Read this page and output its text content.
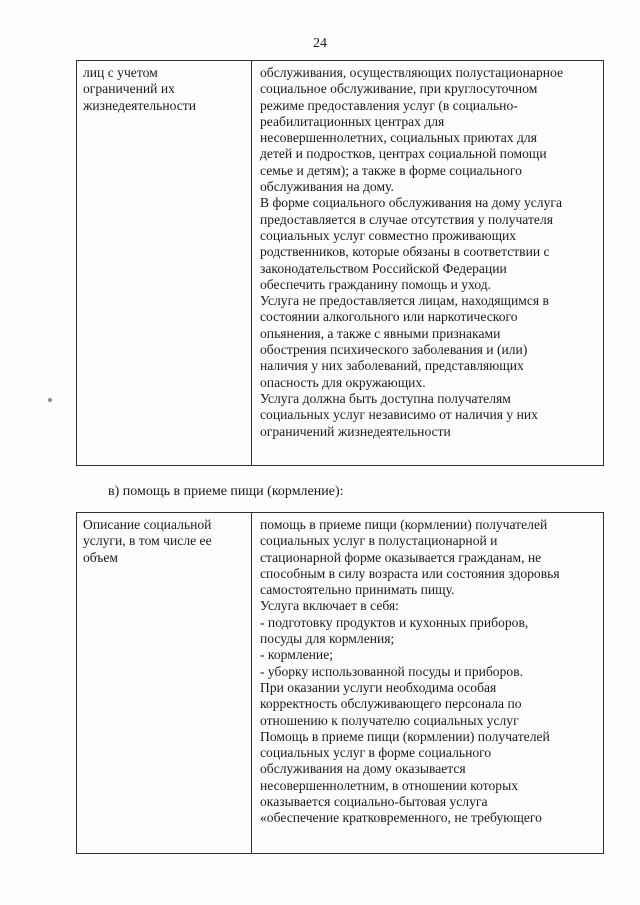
24
лиц с учетом
ограничений их
жизнедеятельности
обслуживания, осуществляющих полустационарное
социальное обслуживание, при круглосуточном
режиме предоставления услуг (в социально-
реабилитационных центрах для
несовершеннолетних, социальных приютах для
детей и подростков, центрах социальной помощи
семье и детям); а также в форме социального
обслуживания на дому.
В форме социального обслуживания на дому услуга
предоставляется в случае отсутствия у получателя
социальных услуг совместно проживающих
родственников, которые обязаны в соответствии с
законодательством Российской Федерации
обеспечить гражданину помощь и уход.
Услуга не предоставляется лицам, находящимся в
состоянии алкогольного или наркотического
опьянения, а также с явными признаками
обострения психического заболевания и (или)
наличия у них заболеваний, представляющих
опасность для окружающих.
Услуга должна быть доступна получателям
социальных услуг независимо от наличия у них
ограничений жизнедеятельности
в) помощь в приеме пищи (кормление):
Описание социальной
услуги, в том числе ее
объем
помощь в приеме пищи (кормлении) получателей
социальных услуг в полустационарной и
стационарной форме оказывается гражданам, не
способным в силу возраста или состояния здоровья
самостоятельно принимать пищу.
Услуга включает в себя:
- подготовку продуктов и кухонных приборов,
посуды для кормления;
- кормление;
- уборку использованной посуды и приборов.
При оказании услуги необходима особая
корректность обслуживающего персонала по
отношению к получателю социальных услуг
Помощь в приеме пищи (кормлении) получателей
социальных услуг в форме социального
обслуживания на дому оказывается
несовершеннолетним, в отношении которых
оказывается социально-бытовая услуга
«обеспечение кратковременного, не требующего
